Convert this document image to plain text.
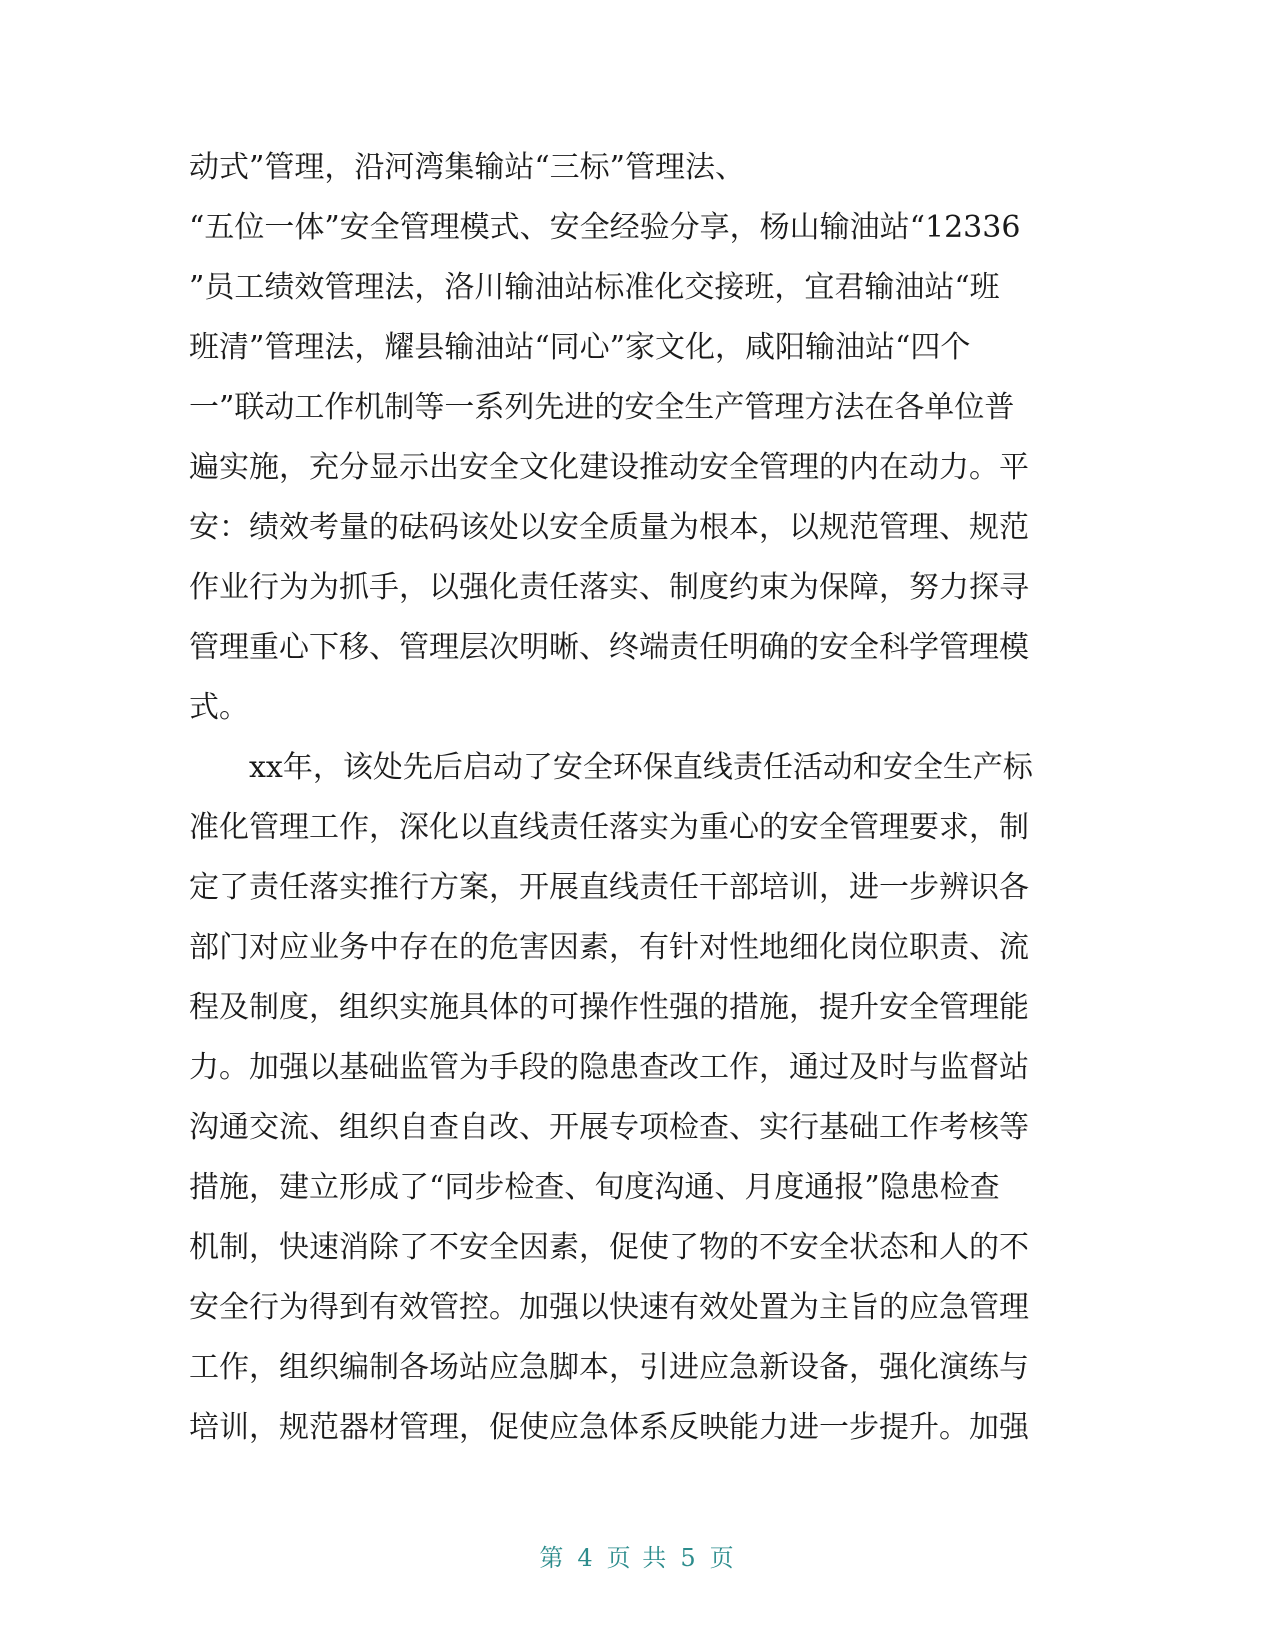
动式”管理，沿河湾集输站“三标”管理法、
“五位一体”安全管理模式、安全经验分享，杨山输油站“12336
”员工绩效管理法，洛川输油站标准化交接班，宜君输油站“班
班清”管理法，耀县输油站“同心”家文化，咸阳输油站“四个
一”联动工作机制等一系列先进的安全生产管理方法在各单位普
遍实施，充分显示出安全文化建设推动安全管理的内在动力。平
安：绩效考量的砝码该处以安全质量为根本，以规范管理、规范
作业行为为抓手，以强化责任落实、制度约束为保障，努力探寻
管理重心下移、管理层次明晰、终端责任明确的安全科学管理模
式。
xx年，该处先后启动了安全环保直线责任活动和安全生产标
准化管理工作，深化以直线责任落实为重心的安全管理要求，制
定了责任落实推行方案，开展直线责任干部培训，进一步辨识各
部门对应业务中存在的危害因素，有针对性地细化岗位职责、流
程及制度，组织实施具体的可操作性强的措施，提升安全管理能
力。加强以基础监管为手段的隐患查改工作，通过及时与监督站
沟通交流、组织自查自改、开展专项检查、实行基础工作考核等
措施，建立形成了“同步检查、旬度沟通、月度通报”隐患检查
机制，快速消除了不安全因素，促使了物的不安全状态和人的不
安全行为得到有效管控。加强以快速有效处置为主旨的应急管理
工作，组织编制各场站应急脚本，引进应急新设备，强化演练与
培训，规范器材管理，促使应急体系反映能力进一步提升。加强
第 4 页 共 5 页
